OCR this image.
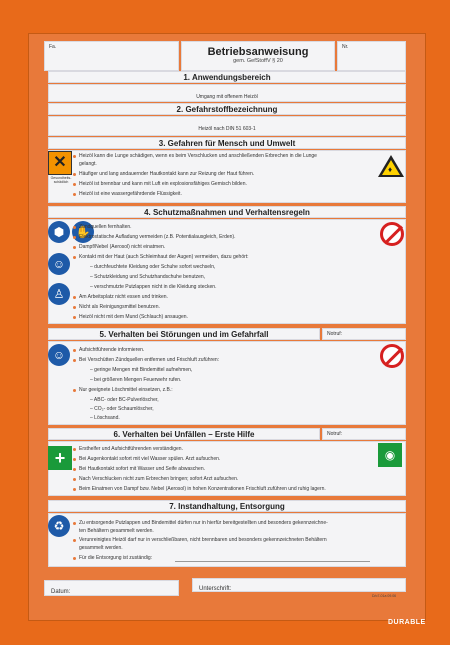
Fa.	Betriebsanweisung
gem. GefStoffV § 20
Nr.
1. Anwendungsbereich
Umgang mit offenem Heizöl
2. Gefahrstoffbezeichnung
Heizöl nach DIN 51 603-1
3. Gefahren für Mensch und Umwelt
✕
Gesundheits-schädlich
♦
Heizöl kann die Lunge schädigen, wenn es beim Verschlucken und anschließenden Erbrechen in die Lunge
gelangt.
Häufiger und lang andauernder Hautkontakt kann zur Reizung der Haut führen.
Heizöl ist brennbar und kann mit Luft ein explosionsfähiges Gemisch bilden.
Heizöl ist eine wassergefährdende Flüssigkeit.
4. Schutzmaßnahmen und Verhaltensregeln
⬢ ✋
☺
♙
Zündquellen fernhalten.
Elektrostatische Aufladung vermeiden (z.B. Potentialausgleich, Erden).
Dampf/Nebel (Aerosol) nicht einatmen.
Kontakt mit der Haut (auch Schleimhaut der Augen) vermeiden, dazu gehört:
– durchfeuchtete Kleidung oder Schuhe sofort wechseln,
– Schutzkleidung und Schutzhandschuhe benutzen,
– verschmutzte Putzlappen nicht in die Kleidung stecken.
Am Arbeitsplatz nicht essen und trinken.
Nicht als Reinigungsmittel benutzen.
Heizöl nicht mit dem Mund (Schlauch) ansaugen.
5. Verhalten bei Störungen und im Gefahrfall	Notruf:
☺	Aufsichtführende informieren.
Bei Verschütten Zündquellen entfernen und Frischluft zuführen:
– geringe Mengen mit Bindemittel aufnehmen,
– bei größeren Mengen Feuerwehr rufen.
Nur geeignete Löschmittel einsetzen, z.B.:
– ABC- oder BC-Pulverlöscher,
– CO₂- oder Schaumlöscher,
– Löschsand.
6. Verhalten bei Unfällen – Erste Hilfe	Notruf:
+	◉
Ersthelfer und Aufsichtführenden verständigen.
Bei Augenkontakt sofort mit viel Wasser spülen. Arzt aufsuchen.
Bei Hautkontakt sofort mit Wasser und Seife abwaschen.
Nach Verschlucken nicht zum Erbrechen bringen; sofort Arzt aufsuchen.
Beim Einatmen von Dampf bzw. Nebel (Aerosol) in hohen Konzentrationen Frischluft zuführen und ruhig lagern.
7. Instandhaltung, Entsorgung
♻	Zu entsorgende Putzlappen und Bindemittel dürfen nur in hierfür bereitgestellten und besonders gekennzeichne-
ten Behältern gesammelt werden.
Verunreinigtes Heizöl darf nur in verschließbaren, nicht brennbaren und besonders gekennzeichneten Behältern
gesammelt werden.
Für die Entsorgung ist zuständig:
Datum:	Unterschrift:
D/o7-01a 09.06
DURABLE
